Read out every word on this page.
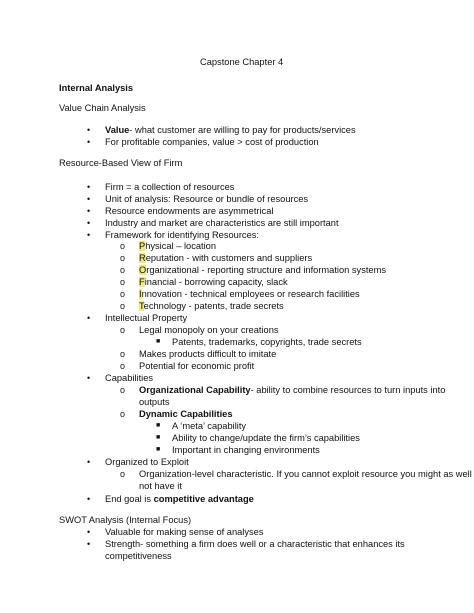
Capstone Chapter 4
Internal Analysis
Value Chain Analysis
• Value- what customer are willing to pay for products/services
• For profitable companies, value > cost of production
Resource-Based View of Firm
• Firm = a collection of resources
• Unit of analysis: Resource or bundle of resources
• Resource endowments are asymmetrical
• Industry and market are characteristics are still important
• Framework for identifying Resources:
o Physical – location
o Reputation - with customers and suppliers
o Organizational - reporting structure and information systems
o Financial - borrowing capacity, slack
o Innovation - technical employees or research facilities
o Technology - patents, trade secrets
• Intellectual Property
o Legal monopoly on your creations
■ Patents, trademarks, copyrights, trade secrets
o Makes products difficult to imitate
o Potential for economic profit
• Capabilities
o Organizational Capability- ability to combine resources to turn inputs into
outputs
o Dynamic Capabilities
■ A ‘meta’ capability
■ Ability to change/update the firm’s capabilities
■ Important in changing environments
• Organized to Exploit
o Organization-level characteristic. If you cannot exploit resource you might as well
not have it
• End goal is competitive advantage
SWOT Analysis (Internal Focus)
• Valuable for making sense of analyses
• Strength- something a firm does well or a characteristic that enhances its
competitiveness
